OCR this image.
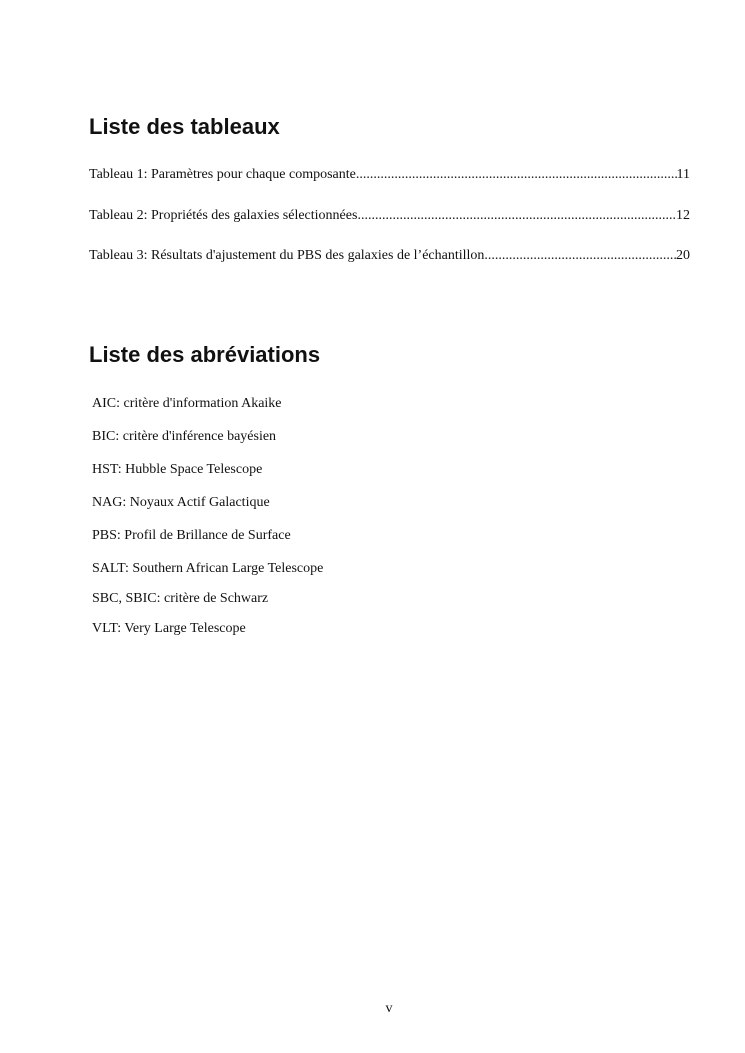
Liste des tableaux
Tableau 1: Paramètres pour chaque composante .....	11
Tableau 2: Propriétés des galaxies sélectionnées .....	12
Tableau 3: Résultats d'ajustement du PBS des galaxies de l’échantillon .....	20
Liste des abréviations
AIC: critère d'information Akaike
BIC: critère d'inférence bayésien
HST: Hubble Space Telescope
NAG: Noyaux Actif Galactique
PBS: Profil de Brillance de Surface
SALT: Southern African Large Telescope
SBC, SBIC: critère de Schwarz
VLT: Very Large Telescope
v
